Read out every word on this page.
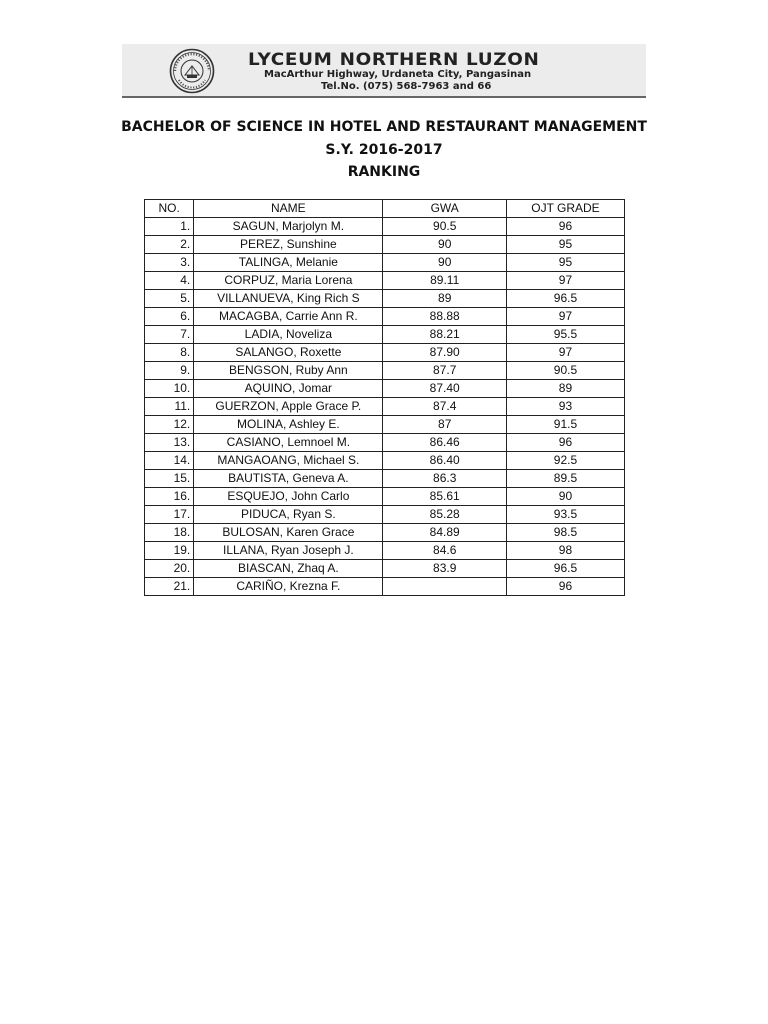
LYCEUM NORTHERN LUZON
MacArthur Highway, Urdaneta City, Pangasinan
Tel.No. (075) 568-7963 and 66
BACHELOR OF SCIENCE IN HOTEL AND RESTAURANT MANAGEMENT
S.Y. 2016-2017
RANKING
NO.	NAME	GWA	OJT GRADE
1.	SAGUN, Marjolyn M.	90.5	96
2.	PEREZ, Sunshine	90	95
3.	TALINGA, Melanie	90	95
4.	CORPUZ, Maria Lorena	89.11	97
5.	VILLANUEVA, King Rich S	89	96.5
6.	MACAGBA, Carrie Ann R.	88.88	97
7.	LADIA, Noveliza	88.21	95.5
8.	SALANGO, Roxette	87.90	97
9.	BENGSON, Ruby Ann	87.7	90.5
10.	AQUINO, Jomar	87.40	89
11.	GUERZON, Apple Grace P.	87.4	93
12.	MOLINA, Ashley E.	87	91.5
13.	CASIANO, Lemnoel M.	86.46	96
14.	MANGAOANG, Michael S.	86.40	92.5
15.	BAUTISTA, Geneva A.	86.3	89.5
16.	ESQUEJO, John Carlo	85.61	90
17.	PIDUCA, Ryan S.	85.28	93.5
18.	BULOSAN, Karen Grace	84.89	98.5
19.	ILLANA, Ryan Joseph J.	84.6	98
20.	BIASCAN, Zhaq A.	83.9	96.5
21.	CARIÑO, Krezna F.		96
